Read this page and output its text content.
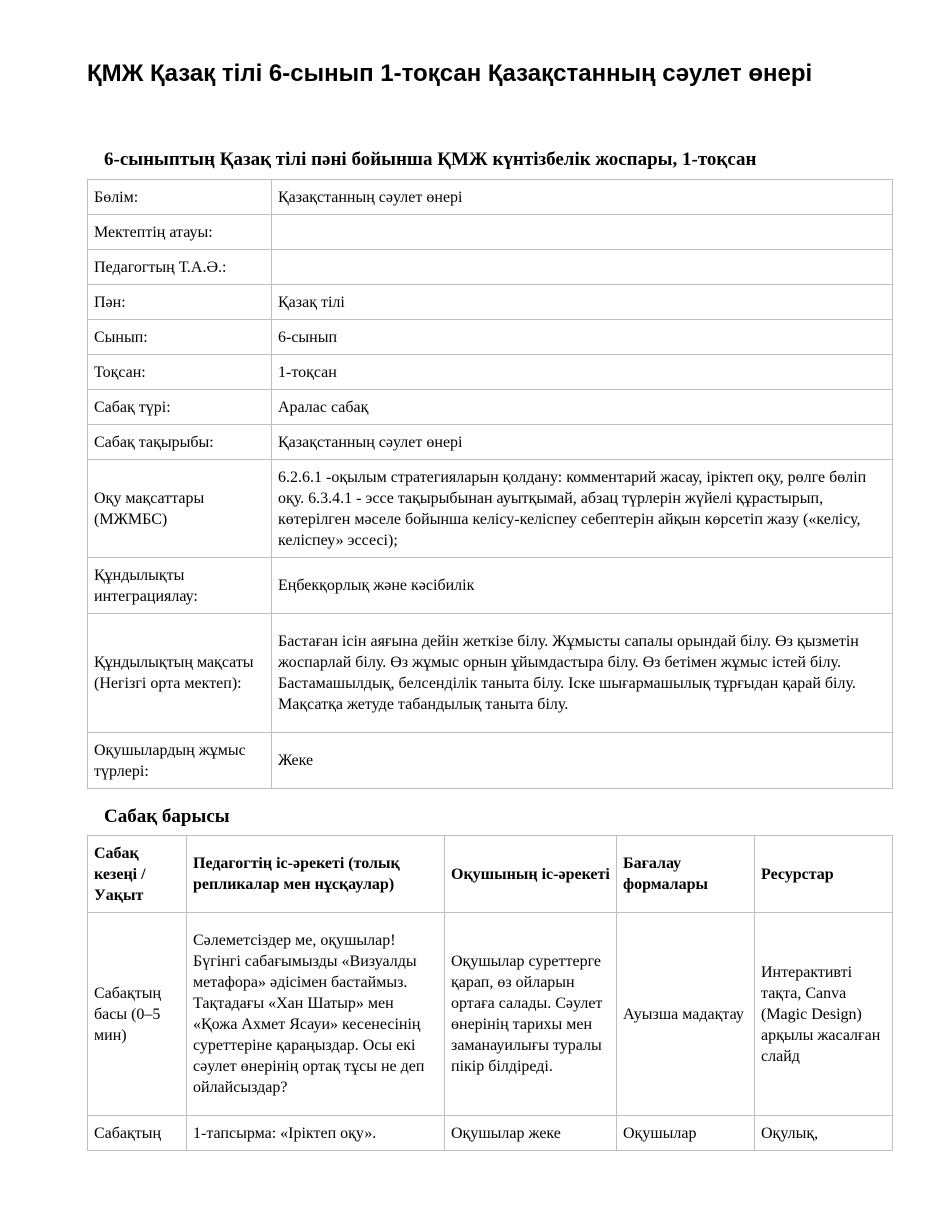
ҚМЖ Қазақ тілі 6-сынып 1-тоқсан Қазақстанның сәулет өнері
6-сыныптың Қазақ тілі пәні бойынша ҚМЖ күнтізбелік жоспары, 1-тоқсан
Бөлім:	Қазақстанның сәулет өнері
Мектептің атауы:	
Педагогтың Т.А.Ә.:	
Пән:	Қазақ тілі
Сынып:	6-сынып
Тоқсан:	1-тоқсан
Сабақ түрі:	Аралас сабақ
Сабақ тақырыбы:	Қазақстанның сәулет өнері
Оқу мақсаттары (МЖМБС)	6.2.6.1 -оқылым стратегияларын қолдану: комментарий жасау, іріктеп оқу, рөлге бөліп оқу. 6.3.4.1 - эссе тақырыбынан ауытқымай, абзац түрлерін жүйелі құрастырып, көтерілген мәселе бойынша келісу-келіспеу себептерін айқын көрсетіп жазу («келісу, келіспеу» эссесі);
Құндылықты интеграциялау:	Еңбекқорлық және кәсібилік
Құндылықтың мақсаты (Негізгі орта мектеп):	Бастаған ісін аяғына дейін жеткізе білу. Жұмысты сапалы орындай білу. Өз қызметін жоспарлай білу. Өз жұмыс орнын ұйымдастыра білу. Өз бетімен жұмыс істей білу. Бастамашылдық, белсенділік таныта білу. Іске шығармашылық тұрғыдан қарай білу. Мақсатқа жетуде табандылық таныта білу.
Оқушылардың жұмыс түрлері:	Жеке
Сабақ барысы
Сабақ кезеңі / Уақыт	Педагогтің іс-әрекеті (толық репликалар мен нұсқаулар)	Оқушының іс-әрекеті	Бағалау формалары	Ресурстар
Сабақтың басы (0–5 мин)	Сәлеметсіздер ме, оқушылар! Бүгінгі сабағымызды «Визуалды метафора» әдісімен бастаймыз. Тақтадағы «Хан Шатыр» мен «Қожа Ахмет Ясауи» кесенесінің суреттеріне қараңыздар. Осы екі сәулет өнерінің ортақ тұсы не деп ойлайсыздар?	Оқушылар суреттерге қарап, өз ойларын ортаға салады. Сәулет өнерінің тарихы мен заманауилығы туралы пікір білдіреді.	Ауызша мадақтау	Интерактивті тақта, Canva (Magic Design) арқылы жасалған слайд
Сабақтың	1-тапсырма: «Іріктеп оқу».	Оқушылар жеке	Оқушылар	Оқулық,
